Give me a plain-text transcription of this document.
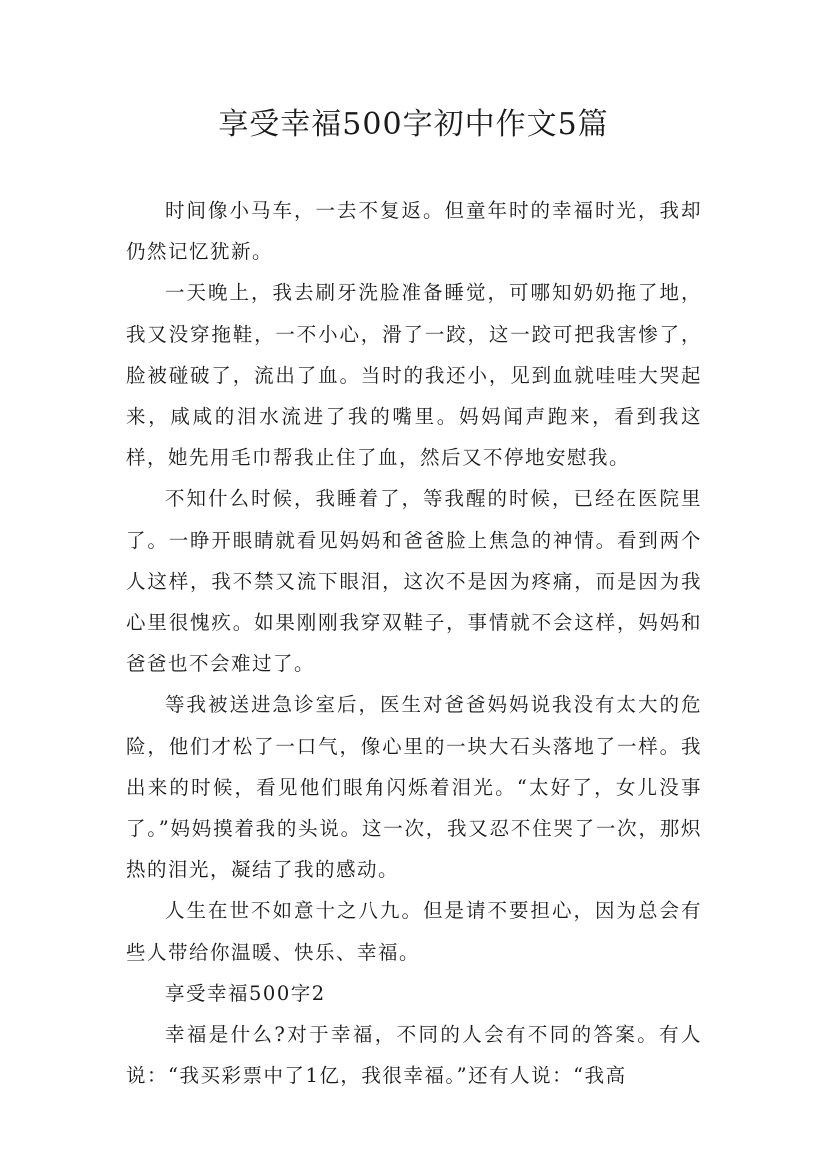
享受幸福500字初中作文5篇

时间像小马车，一去不复返。但童年时的幸福时光，我却仍然记忆犹新。

一天晚上，我去刷牙洗脸准备睡觉，可哪知奶奶拖了地，我又没穿拖鞋，一不小心，滑了一跤，这一跤可把我害惨了，脸被碰破了，流出了血。当时的我还小，见到血就哇哇大哭起来，咸咸的泪水流进了我的嘴里。妈妈闻声跑来，看到我这样，她先用毛巾帮我止住了血，然后又不停地安慰我。

不知什么时候，我睡着了，等我醒的时候，已经在医院里了。一睁开眼睛就看见妈妈和爸爸脸上焦急的神情。看到两个人这样，我不禁又流下眼泪，这次不是因为疼痛，而是因为我心里很愧疚。如果刚刚我穿双鞋子，事情就不会这样，妈妈和爸爸也不会难过了。

等我被送进急诊室后，医生对爸爸妈妈说我没有太大的危险，他们才松了一口气，像心里的一块大石头落地了一样。我出来的时候，看见他们眼角闪烁着泪光。“太好了，女儿没事了。”妈妈摸着我的头说。这一次，我又忍不住哭了一次，那炽热的泪光，凝结了我的感动。

人生在世不如意十之八九。但是请不要担心，因为总会有些人带给你温暖、快乐、幸福。

享受幸福500字2

幸福是什么?对于幸福，不同的人会有不同的答案。有人说：“我买彩票中了1亿，我很幸福。”还有人说：“我高
